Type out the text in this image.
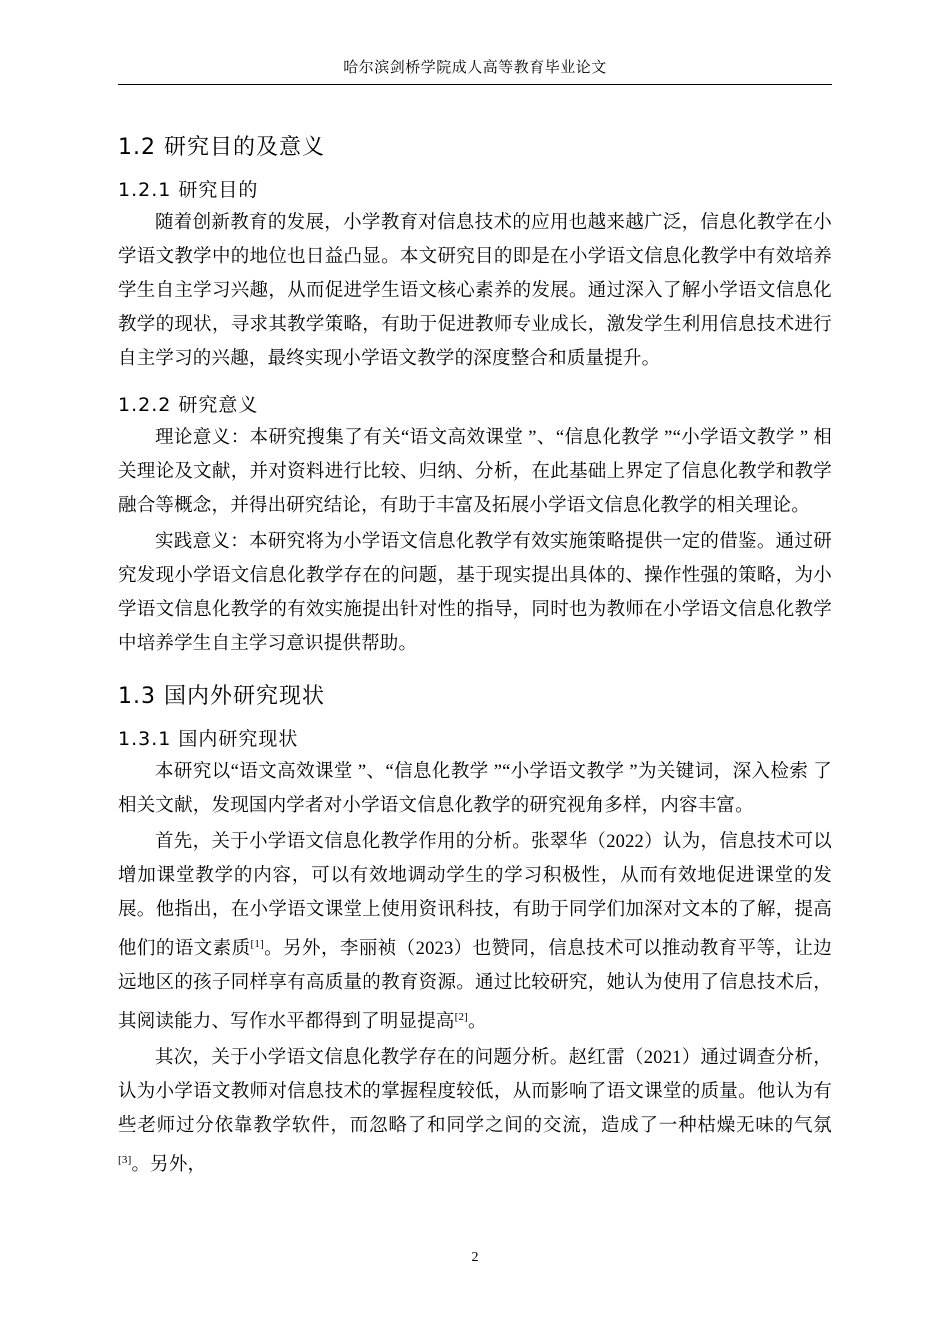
哈尔滨剑桥学院成人高等教育毕业论文
1.2 研究目的及意义
1.2.1 研究目的

随着创新教育的发展，小学教育对信息技术的应用也越来越广泛，信息化教学在小学语文教学中的地位也日益凸显。本文研究目的即是在小学语文信息化教学中有效培养学生自主学习兴趣，从而促进学生语文核心素养的发展。通过深入了解小学语文信息化教学的现状，寻求其教学策略，有助于促进教师专业成长，激发学生利用信息技术进行自主学习的兴趣，最终实现小学语文教学的深度整合和质量提升。

1.2.2 研究意义

理论意义：本研究搜集了有关“语文高效课堂 ”、“信息化教学 ”“小学语文教学 ” 相关理论及文献，并对资料进行比较、归纳、分析，在此基础上界定了信息化教学和教学 融合等概念，并得出研究结论，有助于丰富及拓展小学语文信息化教学的相关理论。

实践意义：本研究将为小学语文信息化教学有效实施策略提供一定的借鉴。通过研究发现小学语文信息化教学存在的问题，基于现实提出具体的、操作性强的策略，为小学语文信息化教学的有效实施提出针对性的指导，同时也为教师在小学语文信息化教学中培养学生自主学习意识提供帮助。

1.3 国内外研究现状
1.3.1 国内研究现状

本研究以“语文高效课堂 ”、“信息化教学 ”“小学语文教学 ”为关键词，深入检索 了相关文献，发现国内学者对小学语文信息化教学的研究视角多样，内容丰富。

首先，关于小学语文信息化教学作用的分析。张翠华（2022）认为，信息技术可以增加课堂教学的内容，可以有效地调动学生的学习积极性，从而有效地促进课堂的发展。他指出，在小学语文课堂上使用资讯科技，有助于同学们加深对文本的了解，提高他们的语文素质[1]。另外，李丽祯（2023）也赞同，信息技术可以推动教育平等，让边远地区的孩子同样享有高质量的教育资源。通过比较研究，她认为使用了信息技术后，其阅读能力、写作水平都得到了明显提高[2]。

其次，关于小学语文信息化教学存在的问题分析。赵红雷（2021）通过调查分析，认为小学语文教师对信息技术的掌握程度较低，从而影响了语文课堂的质量。他认为有些老师过分依靠教学软件，而忽略了和同学之间的交流，造成了一种枯燥无味的气氛[3]。另外，

2
